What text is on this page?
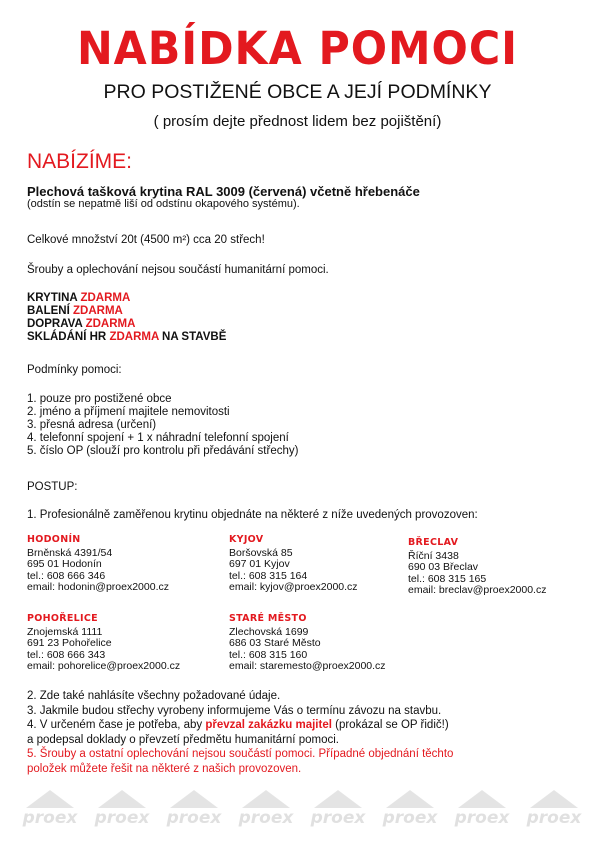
NABÍDKA POMOCI
PRO POSTIŽENÉ OBCE A JEJÍ PODMÍNKY
( prosím dejte přednost lidem bez pojištění)
NABÍZÍME:
Plechová tašková krytina RAL 3009 (červená) včetně hřebenáče
(odstín se nepatmě liší od odstínu okapového systému).
Celkové množství 20t (4500 m²) cca 20 střech!
Šrouby a oplechování nejsou součástí humanitární pomoci.
KRYTINA ZDARMA
BALENÍ ZDARMA
DOPRAVA ZDARMA
SKLÁDÁNÍ HR ZDARMA NA STAVBĚ
Podmínky pomoci:
1. pouze pro postižené obce
2. jméno a příjmení majitele nemovitosti
3. přesná adresa (určení)
4. telefonní spojení + 1 x náhradní telefonní spojení
5. číslo OP (slouží pro kontrolu při předávání střechy)
POSTUP:
1. Profesionálně zaměřenou krytinu objednáte na některé z níže uvedených provozoven:
HODONÍN
Brněnská 4391/54
695 01 Hodonín
tel.: 608 666 346
email: hodonin@proex2000.cz
KYJOV
Boršovská 85
697 01 Kyjov
tel.: 608 315 164
email: kyjov@proex2000.cz
BŘECLAV
Říční 3438
690 03 Břeclav
tel.: 608 315 165
email: breclav@proex2000.cz
POHOŘELICE
Znojemská 1111
691 23 Pohořelice
tel.: 608 666 343
email: pohorelice@proex2000.cz
STARÉ MĚSTO
Zlechovská 1699
686 03 Staré Město
tel.: 608 315 160
email: staremesto@proex2000.cz
2. Zde také nahlásíte všechny požadované údaje.
3. Jakmile budou střechy vyrobeny informujeme Vás o termínu závozu na stavbu.
4. V určeném čase je potřeba, aby převzal zakázku majitel (prokázal se OP řidič!)
a podepsal doklady o převzetí předmětu humanitární pomoci.
5. Šrouby a ostatní oplechování nejsou součástí pomoci. Případné objednání těchto
položek můžete řešit na některé z našich provozoven.
proex proex proex proex proex proex proex proex
